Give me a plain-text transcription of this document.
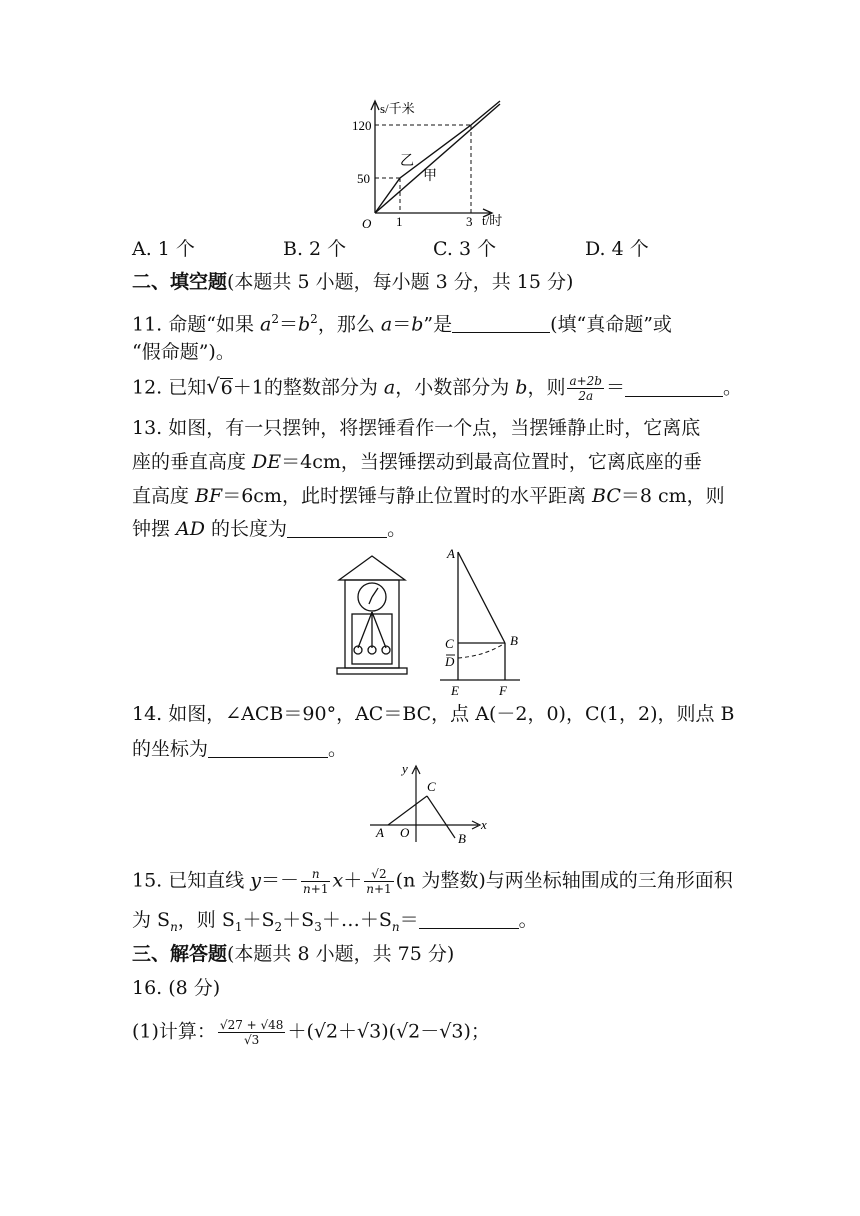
s/千米
t/时
O
120
50
1	3
乙
甲
A. 1 个	B. 2 个	C. 3 个	D. 4 个
二、填空题(本题共 5 小题，每小题 3 分，共 15 分)
11. 命题“如果 $a^2=b^2$，那么 a＝b”是	(填“真命题”或
“假命题”)。
12. 已知√6＋1的整数部分为 a，小数部分为 b，则 $\frac{a+2b}{2a}$ ＝	。
13. 如图，有一只摆钟，将摆锤看作一个点，当摆锤静止时，它离底
座的垂直高度 DE＝4cm，当摆锤摆动到最高位置时，它离底座的垂
直高度 BF＝6cm，此时摆锤与静止位置时的水平距离 BC＝8 cm，则
钟摆 AD 的长度为	。
A
C	B
D
E	F
14. 如图，∠ACB＝90°，AC＝BC，点 A(－2，0)，C(1，2)，则点 B
的坐标为	。
y
C
A O	B
x
15. 已知直线 $y=- \frac{n}{n+1} x+ \frac{√2}{n+1} (n$ 为整数)与两坐标轴围成的三角形面积
为 $S_n$，则 $S_1+S_2+S_3+\dots+S_n=$	。
三、解答题(本题共 8 小题，共 75 分)
16. (8 分)
(1)计算： $\frac{√27 + √48}{√3} +(√2+√3)(√2-√3)$；
